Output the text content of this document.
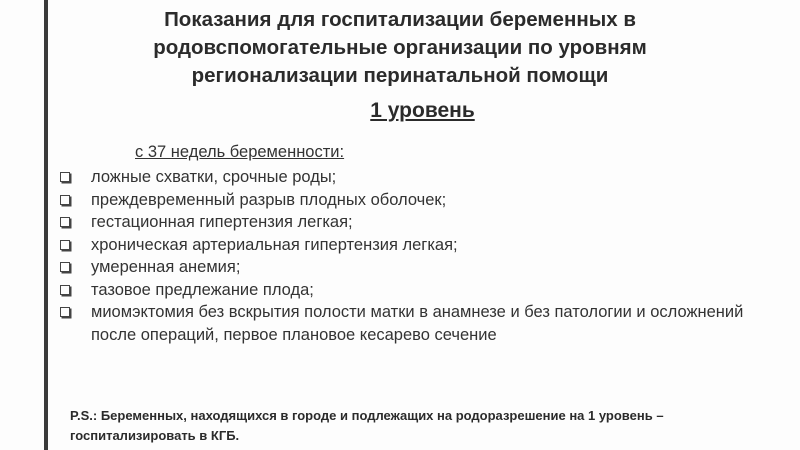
Показания для госпитализации беременных в
родовспомогательные организации по уровням
регионализации перинатальной помощи
1 уровень
с 37 недель беременности:
ложные схватки, срочные роды;
преждевременный разрыв плодных оболочек;
гестационная гипертензия легкая;
хроническая артериальная гипертензия легкая;
умеренная анемия;
тазовое предлежание плода;
миомэктомия без вскрытия полости матки в анамнезе и без патологии и осложнений после операций, первое плановое кесарево сечение
P.S.: Беременных, находящихся в городе и подлежащих на родоразрешение на 1 уровень –
госпитализировать в КГБ.
